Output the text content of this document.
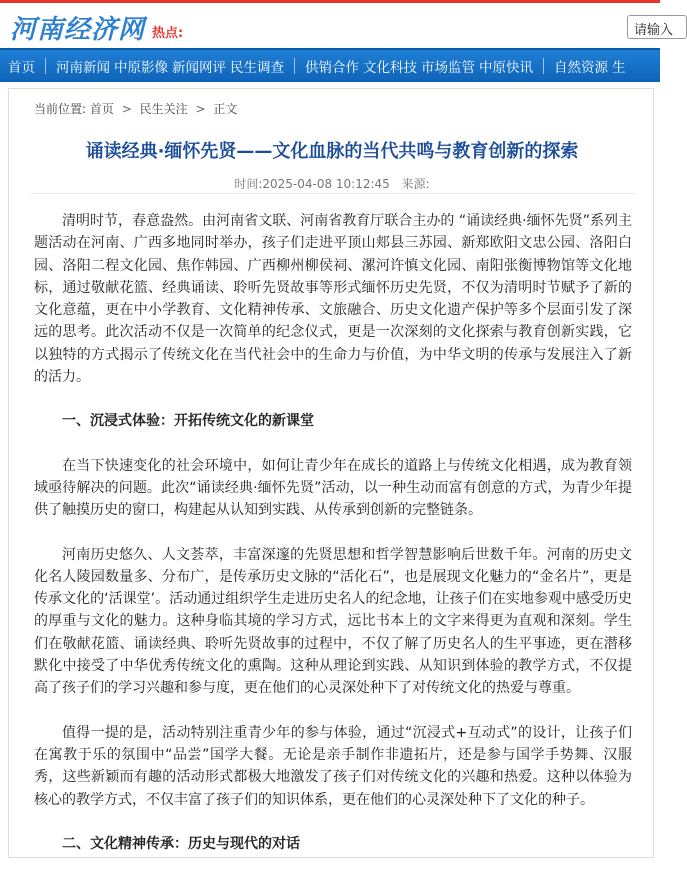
河南经济网 热点:	请输入
首页 河南新闻 中原影像 新闻网评 民生调查 供销合作 文化科技 市场监管 中原快讯 自然资源 生
当前位置: 首页 > 民生关注 > 正文
诵读经典·缅怀先贤——文化血脉的当代共鸣与教育创新的探索
时间:2025-04-08 10:12:45 来源:

清明时节，春意盎然。由河南省文联、河南省教育厅联合主办的 “诵读经典·缅怀先贤”系列主题活动在河南、广西多地同时举办，孩子们走进平顶山郏县三苏园、新郑欧阳文忠公园、洛阳白园、洛阳二程文化园、焦作韩园、广西柳州柳侯祠、漯河许慎文化园、南阳张衡博物馆等文化地标，通过敬献花篮、经典诵读、聆听先贤故事等形式缅怀历史先贤，不仅为清明时节赋予了新的文化意蕴，更在中小学教育、文化精神传承、文旅融合、历史文化遗产保护等多个层面引发了深远的思考。此次活动不仅是一次简单的纪念仪式，更是一次深刻的文化探索与教育创新实践，它以独特的方式揭示了传统文化在当代社会中的生命力与价值，为中华文明的传承与发展注入了新的活力。

一、沉浸式体验：开拓传统文化的新课堂

在当下快速变化的社会环境中，如何让青少年在成长的道路上与传统文化相遇，成为教育领域亟待解决的问题。此次“诵读经典·缅怀先贤”活动，以一种生动而富有创意的方式，为青少年提供了触摸历史的窗口，构建起从认知到实践、从传承到创新的完整链条。

河南历史悠久、人文荟萃，丰富深邃的先贤思想和哲学智慧影响后世数千年。河南的历史文化名人陵园数量多、分布广，是传承历史文脉的“活化石”，也是展现文化魅力的“金名片”，更是传承文化的‘活课堂’。活动通过组织学生走进历史名人的纪念地，让孩子们在实地参观中感受历史的厚重与文化的魅力。这种身临其境的学习方式，远比书本上的文字来得更为直观和深刻。学生们在敬献花篮、诵读经典、聆听先贤故事的过程中，不仅了解了历史名人的生平事迹，更在潜移默化中接受了中华优秀传统文化的熏陶。这种从理论到实践、从知识到体验的教学方式，不仅提高了孩子们的学习兴趣和参与度，更在他们的心灵深处种下了对传统文化的热爱与尊重。

值得一提的是，活动特别注重青少年的参与体验，通过“沉浸式+互动式”的设计，让孩子们在寓教于乐的氛围中“品尝”国学大餐。无论是亲手制作非遗拓片，还是参与国学手势舞、汉服秀，这些新颖而有趣的活动形式都极大地激发了孩子们对传统文化的兴趣和热爱。这种以体验为核心的教学方式，不仅丰富了孩子们的知识体系，更在他们的心灵深处种下了文化的种子。

二、文化精神传承：历史与现代的对话
